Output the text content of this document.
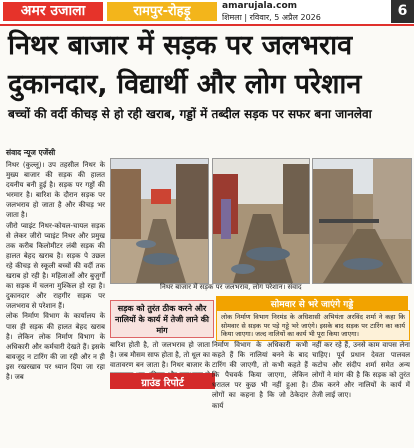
अमर उजाला	रामपुर-रोहड़ू	amarujala.com
शिमला | रविवार, 5 अप्रैल 2026	6
निथर बाजार में सड़क पर जलभराव
दुकानदार, विद्यार्थी और लोग परेशान
बच्चों की वर्दी कीचड़ से हो रही खराब, गड्डों में तब्दील सड़क पर सफर बना जानलेवा
संवाद न्यूज एजेंसी

निथर (कुल्लू)। उप तहसील निथर के मुख्य बाजार की सड़क की हालत दयनीय बनी हुई है। सड़क पर गड्डों की भरमार है। बारिश के दौरान सड़क पर जलभराव हो जाता है और कीचड़ भर जाता है।

जीरो प्वाइंट निथर-कोयल-चायल सड़क से लेकर जीरो प्वाइंट निथर और प्रमुख तक करीब किलोमीटर लंबी सड़क की हालत बेहद खराब है। सड़क पे उछल रहे कीचड़ से स्कूली बच्चों की वर्दी तक खराब हो रही है। महिलाओं और बुजुर्गों का सड़क में चलना मुश्किल हो रहा है। दुकानदार और राहगीर सड़क पर जलभराव से परेशान हैं।

लोक निर्माण विभाग के कार्यालय के पास ही सड़क की हालत बेहद खराब है। लेकिन लोक निर्माण विभाग के अधिकारी और कर्मचारी देखते हैं। इसके बावजूद न टारिंग की जा रही और न ही इस रखरखाव पर ध्यान दिया जा रहा है। जब

निथर बाजार में सड़क पर जलभराव, लोग परेशान। संवाद
सड़क को तुरंत ठीक करने और नालियों के कार्य में तेजी लाने की मांग
सोमवार से भरे जाएंगे गड्डे
लोक निर्माण विभाग निरमंड के अधिशासी अभियंता अरविंद शर्मा ने कहा कि सोमवार से सड़क पर पड़े गड्डे भरे जाएंगे। इसके बाद सड़क पर टारिंग का कार्य किया जाएगा। जल्द नालियों का कार्य भी पूरा किया जाएगा।
बारिश होती है, तो जलभराव हो जाता है। जब मौसम साफ होता है, तो धूल का वातावरण बन जाता है। निथर बाजार के
ग्राउंड रिपोर्ट
निर्माण विभाग के अधिकारी कभी कहते हैं कि नालियां बनने के बाद टारिंग की जाएगी, तो कभी कहते हैं कि पैचवर्क किया जाएगा, लेकिन धरातल पर कुछ भी नहीं हुआ है। लोगों का कहना है कि जो ठेकेदार कार्य
नहीं कर रहे हैं, उनसे काम वापस लेना चाहिए। पूर्व प्रधान देवता पालवल कटोच और संदीप शर्मा समेत अन्य लोगों ने मांग की है कि सड़क को तुरंत ठीक करने और नालियों के कार्य में तेजी लाई जाए।
